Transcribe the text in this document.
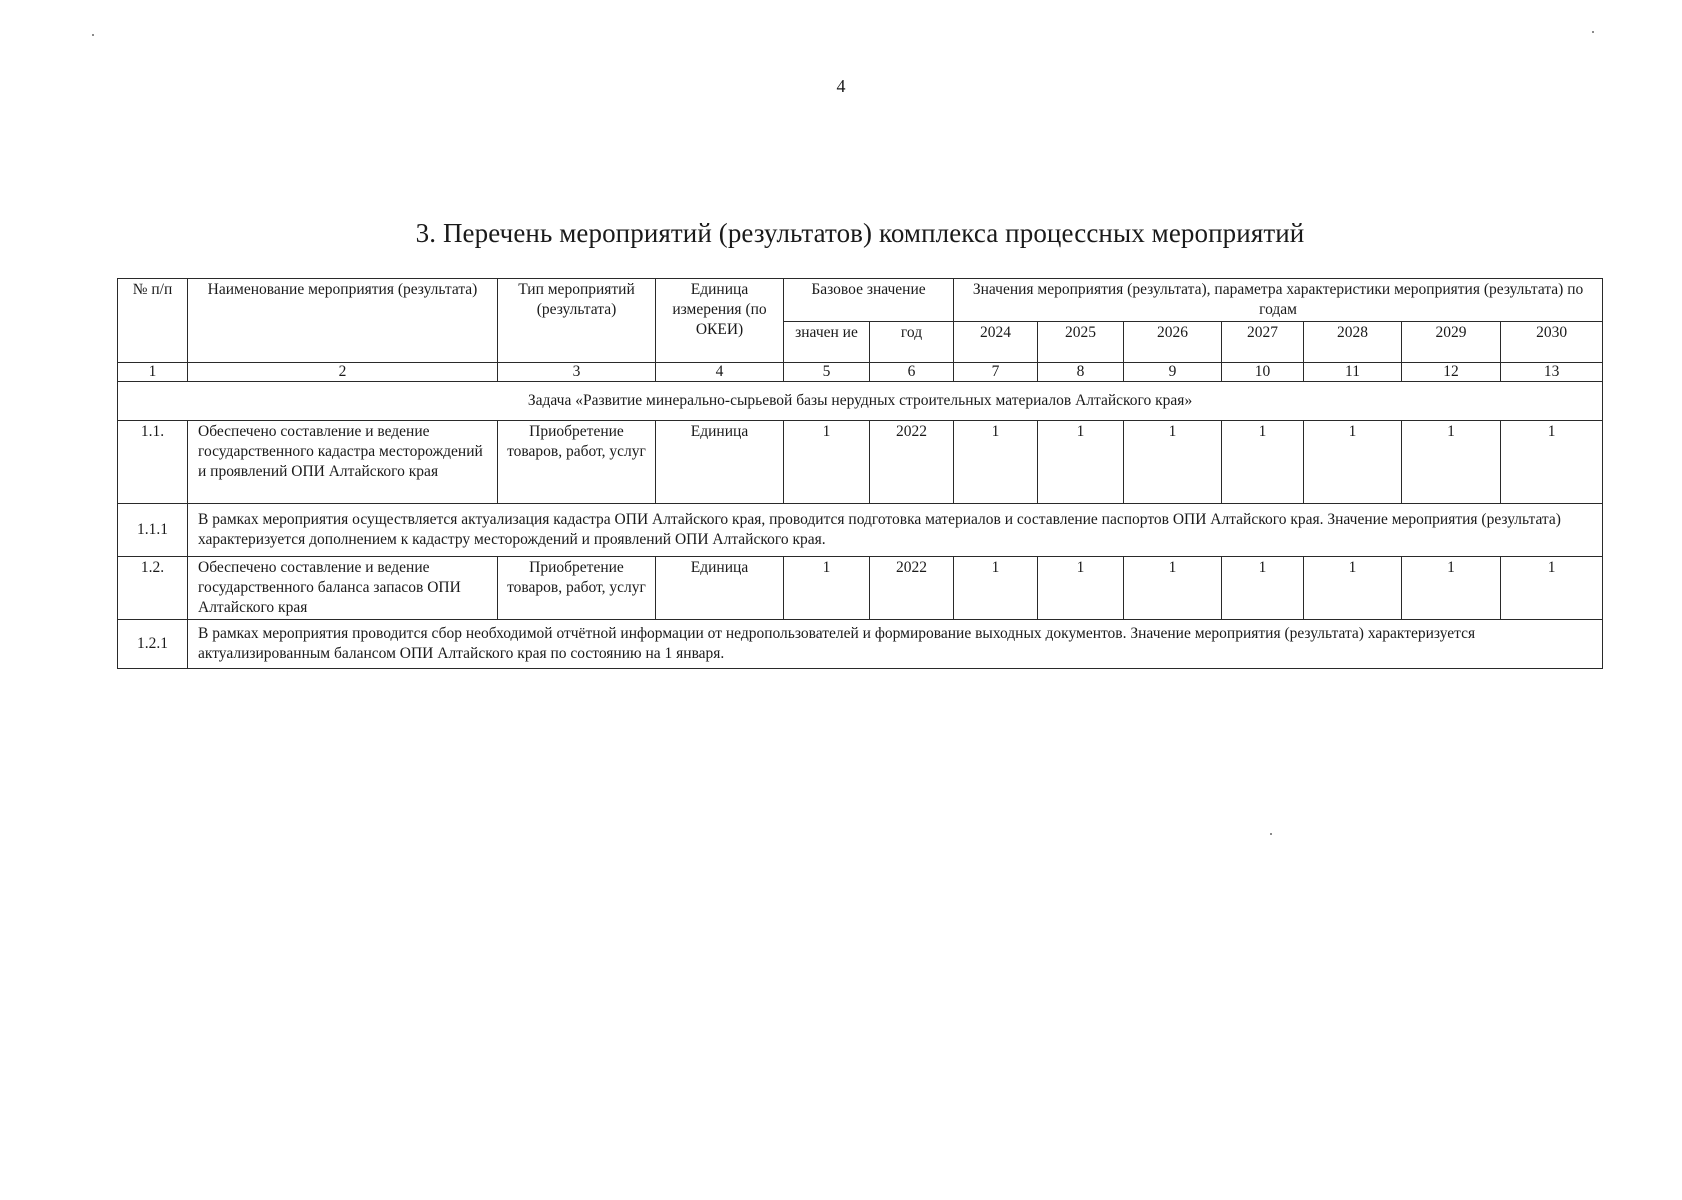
4
3. Перечень мероприятий (результатов) комплекса процессных мероприятий
№ п/п	Наименование мероприятия (результата)	Тип мероприятий (результата)	Единица измерения (по ОКЕИ)	Базовое значение		Значения мероприятия (результата), параметра характеристики мероприятия (результата) по годам						
				значен ие	год	2024	2025	2026	2027	2028	2029	2030
1	2	3	4	5	6	7	8	9	10	11	12	13
Задача «Развитие минерально-сырьевой базы нерудных строительных материалов Алтайского края»												
1.1.	Обеспечено составление и ведение государственного кадастра месторождений и проявлений ОПИ Алтайского края	Приобретение товаров, работ, услуг	Единица	1	2022	1	1	1	1	1	1	1
1.1.1	В рамках мероприятия осуществляется актуализация кадастра ОПИ Алтайского края, проводится подготовка материалов и составление паспортов ОПИ Алтайского края. Значение мероприятия (результата) характеризуется дополнением к кадастру месторождений и проявлений ОПИ Алтайского края.											
1.2.	Обеспечено составление и ведение государственного баланса запасов ОПИ Алтайского края	Приобретение товаров, работ, услуг	Единица	1	2022	1	1	1	1	1	1	1
1.2.1	В рамках мероприятия проводится сбор необходимой отчётной информации от недропользователей и формирование выходных документов. Значение мероприятия (результата) характеризуется актуализированным балансом ОПИ Алтайского края по состоянию на 1 января.											
